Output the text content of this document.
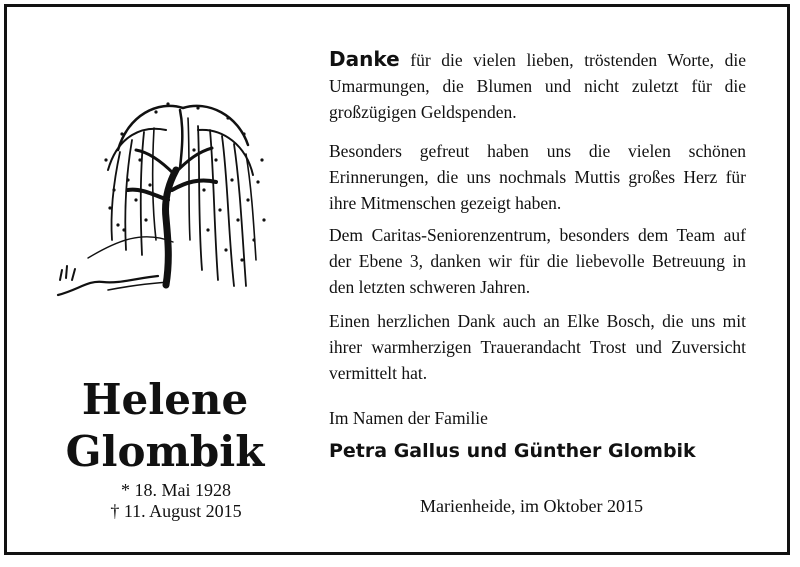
Helene
Glombik
* 18. Mai 1928
† 11. August 2015

Danke für die vielen lieben, tröstenden Worte, die Umarmungen, die Blumen und nicht zuletzt für die großzügigen Geldspenden.

Besonders gefreut haben uns die vielen schönen Erinnerungen, die uns nochmals Muttis großes Herz für ihre Mitmenschen gezeigt haben.

Dem Caritas-Seniorenzentrum, besonders dem Team auf der Ebene 3, danken wir für die liebevolle Betreuung in den letzten schweren Jahren.

Einen herzlichen Dank auch an Elke Bosch, die uns mit ihrer warmherzigen Trauerandacht Trost und Zuversicht vermittelt hat.

Im Namen der Familie
Petra Gallus und Günther Glombik
Marienheide, im Oktober 2015
